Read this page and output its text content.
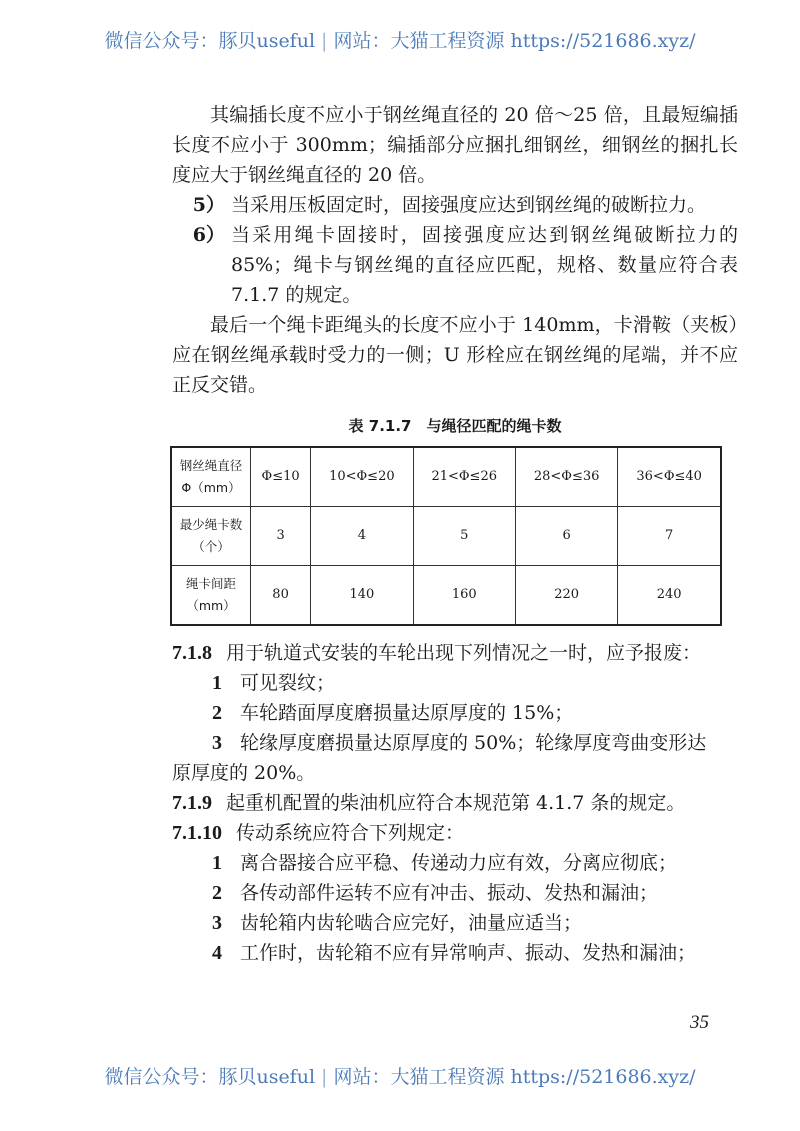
微信公众号：豚贝useful | 网站：大猫工程资源 https://521686.xyz/

其编插长度不应小于钢丝绳直径的 20 倍～25 倍，且最短编插长度不应小于 300mm；编插部分应捆扎细钢丝，细钢丝的捆扎长度应大于钢丝绳直径的 20 倍。

5） 当采用压板固定时，固接强度应达到钢丝绳的破断拉力。
6） 当采用绳卡固接时，固接强度应达到钢丝绳破断拉力的 85%；绳卡与钢丝绳的直径应匹配，规格、数量应符合表 7.1.7 的规定。

最后一个绳卡距绳头的长度不应小于 140mm，卡滑鞍（夹板）应在钢丝绳承载时受力的一侧；U 形栓应在钢丝绳的尾端，并不应正反交错。

表 7.1.7　与绳径匹配的绳卡数
钢丝绳直径
Φ（mm）	Φ≤10	10<Φ≤20	21<Φ≤26	28<Φ≤36	36<Φ≤40

最少绳卡数
（个）	3	4	5	6	7

绳卡间距
（mm）	80	140	160	220	240
7.1.8 用于轨道式安装的车轮出现下列情况之一时，应予报废：
1 可见裂纹；
2 车轮踏面厚度磨损量达原厚度的 15%；
3 轮缘厚度磨损量达原厚度的 50%；轮缘厚度弯曲变形达

原厚度的 20%。

7.1.9 起重机配置的柴油机应符合本规范第 4.1.7 条的规定。
7.1.10 传动系统应符合下列规定：
1 离合器接合应平稳、传递动力应有效，分离应彻底；
2 各传动部件运转不应有冲击、振动、发热和漏油；
3 齿轮箱内齿轮啮合应完好，油量应适当；
4 工作时，齿轮箱不应有异常响声、振动、发热和漏油；
35
微信公众号：豚贝useful | 网站：大猫工程资源 https://521686.xyz/
